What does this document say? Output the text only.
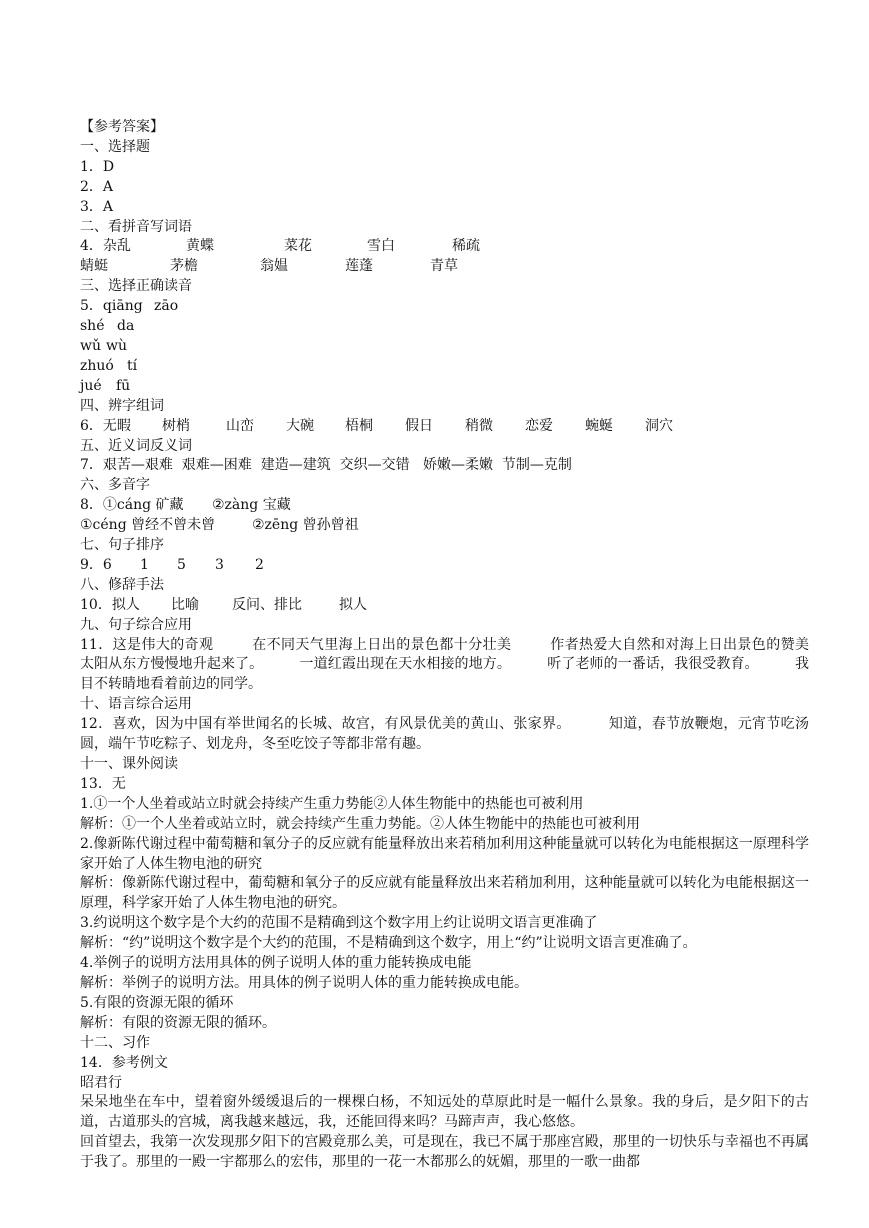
【参考答案】
一、选择题
1．D
2．A
3．A
二、看拼音写词语
4．杂乱	黄蝶	菜花	雪白	稀疏
蜻蜓	茅檐	翁媪	莲蓬	青草
三、选择正确读音
5．qiāng zāo
shé da
wǔ wù
zhuó tí
jué	fū
四、辨字组词
6．无暇	树梢	山峦	大碗	梧桐	假日	稍微	恋爱	蜿蜒	洞穴
五、近义词反义词
7．艰苦—艰难  艰难—困难  建造—建筑  交织—交错   娇嫩—柔嫩  节制—克制
六、多音字
8．①cáng 矿藏	②zàng 宝藏
①céng 曾经不曾未曾	②zēng 曾孙曾祖
七、句子排序
9．6	1	5	3	2
八、修辞手法
10．拟人	比喻	反问、排比	拟人
九、句子综合应用
11．这是伟大的奇观        在不同天气里海上日出的景色都十分壮美        作者热爱大自然和对海上日出景色的赞美        太阳从东方慢慢地升起来了。        一道红霞出现在天水相接的地方。        听了老师的一番话，我很受教育。        我目不转睛地看着前边的同学。
十、语言综合运用
12．喜欢，因为中国有举世闻名的长城、故宫，有风景优美的黄山、张家界。        知道，春节放鞭炮，元宵节吃汤圆，端午节吃粽子、划龙舟，冬至吃饺子等都非常有趣。
十一、课外阅读
13．无
1.①一个人坐着或站立时就会持续产生重力势能②人体生物能中的热能也可被利用
解析：①一个人坐着或站立时，就会持续产生重力势能。②人体生物能中的热能也可被利用
2.像新陈代谢过程中葡萄糖和氧分子的反应就有能量释放出来若稍加利用这种能量就可以转化为电能根据这一原理科学家开始了人体生物电池的研究
解析：像新陈代谢过程中，葡萄糖和氧分子的反应就有能量释放出来若稍加利用，这种能量就可以转化为电能根据这一原理，科学家开始了人体生物电池的研究。
3.约说明这个数字是个大约的范围不是精确到这个数字用上约让说明文语言更准确了
解析：“约”说明这个数字是个大约的范围，不是精确到这个数字，用上“约”让说明文语言更准确了。
4.举例子的说明方法用具体的例子说明人体的重力能转换成电能
解析：举例子的说明方法。用具体的例子说明人体的重力能转换成电能。
5.有限的资源无限的循环
解析：有限的资源无限的循环。
十二、习作
14．参考例文
昭君行
呆呆地坐在车中，望着窗外缓缓退后的一棵棵白杨，不知远处的草原此时是一幅什么景象。我的身后，是夕阳下的古道，古道那头的宫城，离我越来越远，我，还能回得来吗？马蹄声声，我心悠悠。
回首望去，我第一次发现那夕阳下的宫殿竟那么美，可是现在，我已不属于那座宫殿，那里的一切快乐与幸福也不再属于我了。那里的一殿一宇都那么的宏伟，那里的一花一木都那么的妩媚，那里的一歌一曲都
